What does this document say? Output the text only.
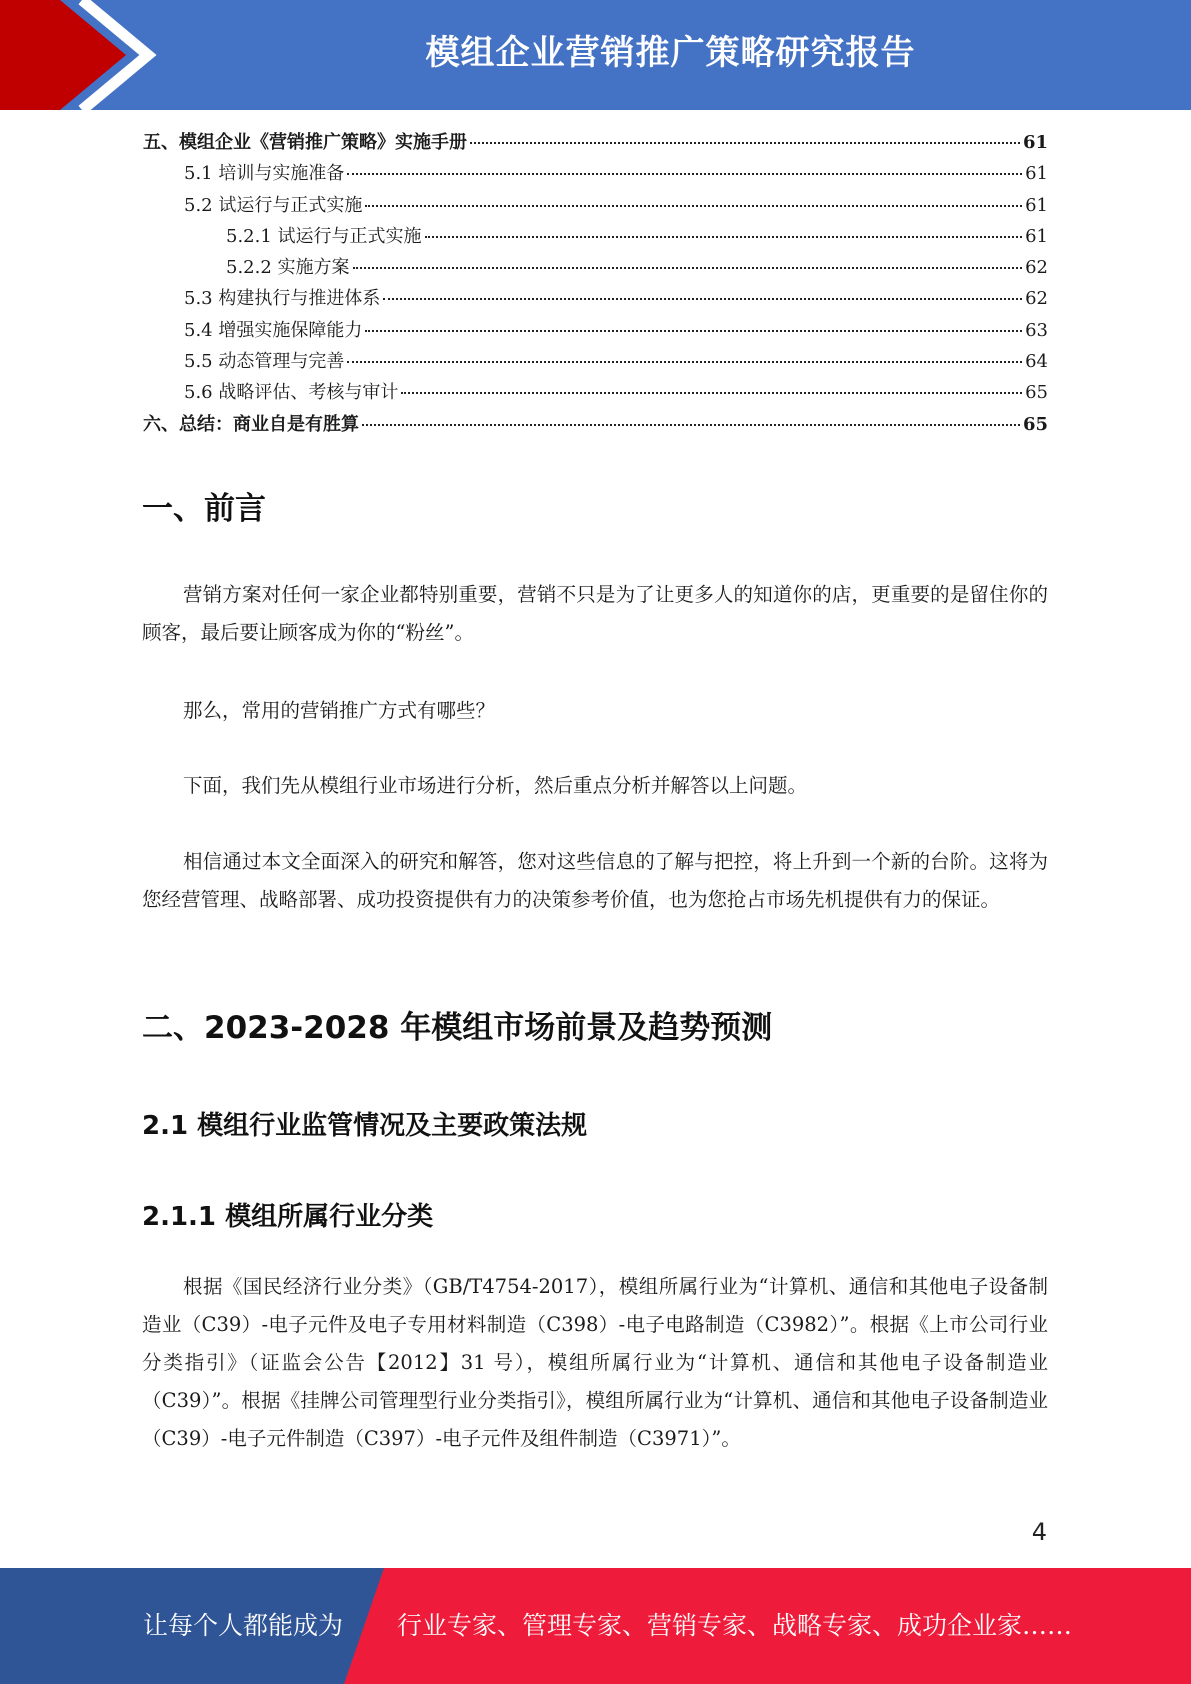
模组企业营销推广策略研究报告
五、模组企业《营销推广策略》实施手册	61
5.1 培训与实施准备	61
5.2 试运行与正式实施	61
5.2.1 试运行与正式实施	61
5.2.2 实施方案	62
5.3 构建执行与推进体系	62
5.4 增强实施保障能力	63
5.5 动态管理与完善	64
5.6 战略评估、考核与审计	65
六、总结：商业自是有胜算	65
一、前言

营销方案对任何一家企业都特别重要，营销不只是为了让更多人的知道你的店，更重要的是留住你的顾客，最后要让顾客成为你的“粉丝”。

那么，常用的营销推广方式有哪些？

下面，我们先从模组行业市场进行分析，然后重点分析并解答以上问题。

相信通过本文全面深入的研究和解答，您对这些信息的了解与把控，将上升到一个新的台阶。这将为您经营管理、战略部署、成功投资提供有力的决策参考价值，也为您抢占市场先机提供有力的保证。

二、2023-2028 年模组市场前景及趋势预测
2.1 模组行业监管情况及主要政策法规
2.1.1 模组所属行业分类

根据《国民经济行业分类》（GB/T4754-2017），模组所属行业为“计算机、通信和其他电子设备制造业（C39）-电子元件及电子专用材料制造（C398）-电子电路制造（C3982）”。根据《上市公司行业分类指引》（证监会公告【2012】31 号），模组所属行业为“计算机、通信和其他电子设备制造业（C39）”。根据《挂牌公司管理型行业分类指引》，模组所属行业为“计算机、通信和其他电子设备制造业（C39）-电子元件制造（C397）-电子元件及组件制造（C3971）”。

4
让每个人都能成为 行业专家、管理专家、营销专家、战略专家、成功企业家……
